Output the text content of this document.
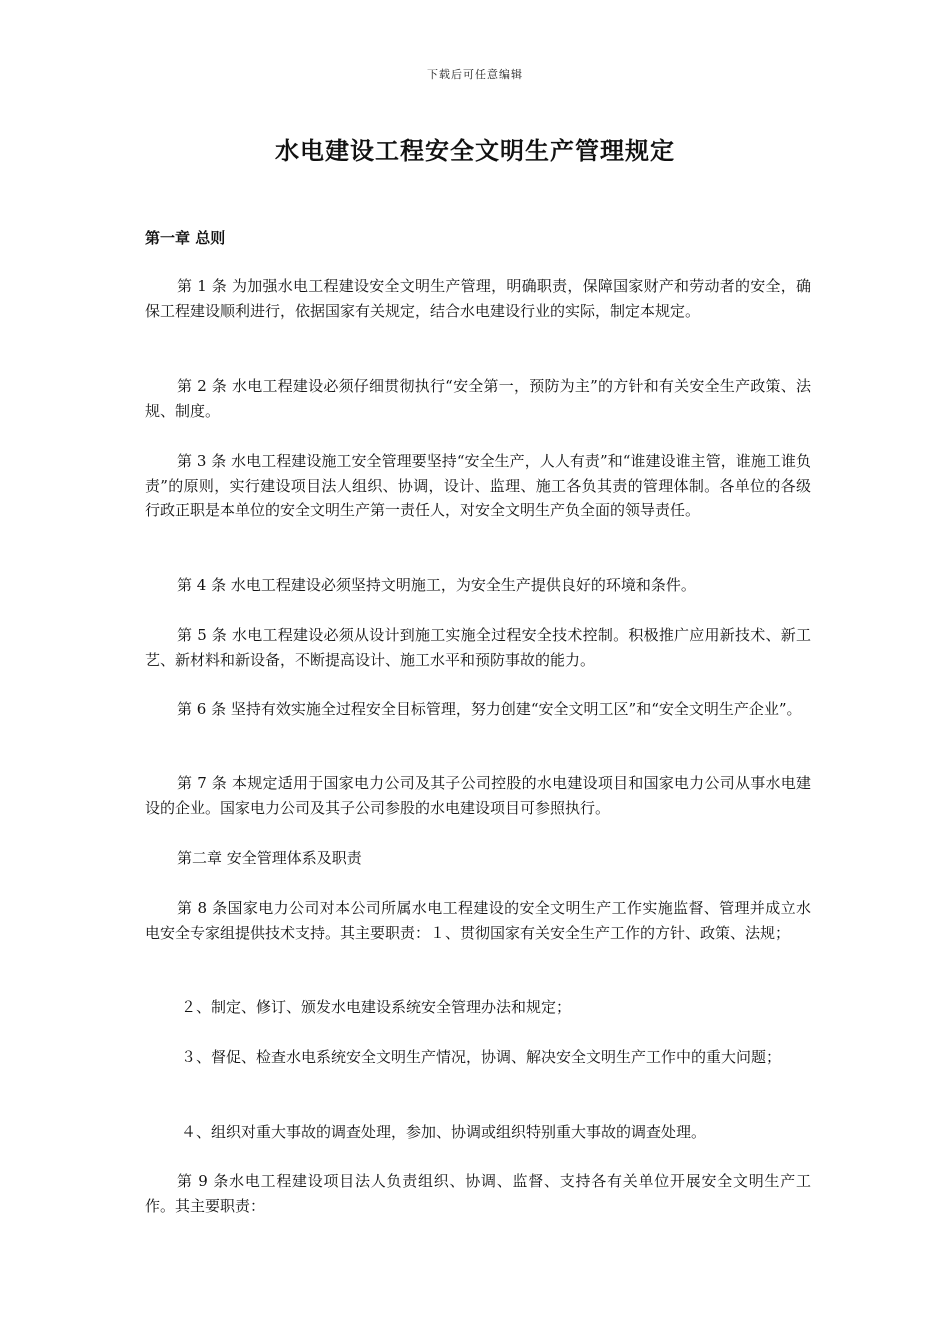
下载后可任意编辑
水电建设工程安全文明生产管理规定
第一章 总则
第 1 条 为加强水电工程建设安全文明生产管理，明确职责，保障国家财产和劳动者的安全，确保工程建设顺利进行，依据国家有关规定，结合水电建设行业的实际，制定本规定。
第 2 条 水电工程建设必须仔细贯彻执行“安全第一，预防为主”的方针和有关安全生产政策、法规、制度。
第 3 条 水电工程建设施工安全管理要坚持“安全生产，人人有责”和“谁建设谁主管，谁施工谁负责”的原则，实行建设项目法人组织、协调，设计、监理、施工各负其责的管理体制。各单位的各级行政正职是本单位的安全文明生产第一责任人，对安全文明生产负全面的领导责任。
第 4 条 水电工程建设必须坚持文明施工，为安全生产提供良好的环境和条件。
第 5 条 水电工程建设必须从设计到施工实施全过程安全技术控制。积极推广应用新技术、新工艺、新材料和新设备，不断提高设计、施工水平和预防事故的能力。
第 6 条 坚持有效实施全过程安全目标管理，努力创建“安全文明工区”和“安全文明生产企业”。
第 7 条 本规定适用于国家电力公司及其子公司控股的水电建设项目和国家电力公司从事水电建设的企业。国家电力公司及其子公司参股的水电建设项目可参照执行。
第二章 安全管理体系及职责
第 8 条国家电力公司对本公司所属水电工程建设的安全文明生产工作实施监督、管理并成立水电安全专家组提供技术支持。其主要职责：１、贯彻国家有关安全生产工作的方针、政策、法规；
２、制定、修订、颁发水电建设系统安全管理办法和规定；
３、督促、检查水电系统安全文明生产情况，协调、解决安全文明生产工作中的重大问题；
４、组织对重大事故的调查处理，参加、协调或组织特别重大事故的调查处理。
第 9 条水电工程建设项目法人负责组织、协调、监督、支持各有关单位开展安全文明生产工作。其主要职责：
